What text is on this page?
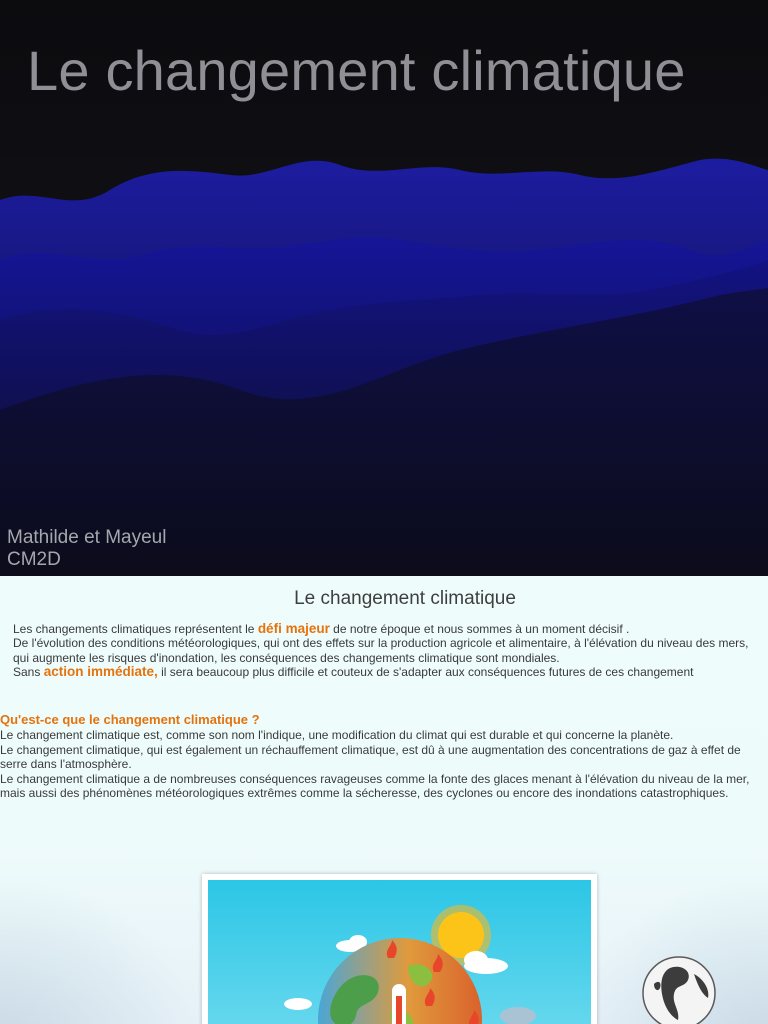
Le changement climatique
Mathilde et Mayeul
CM2D
Le changement climatique

Les changements climatiques représentent le défi majeur de notre époque et nous sommes à un moment décisif .

De l'évolution des conditions météorologiques, qui ont des effets sur la production agricole et alimentaire, à l'élévation du niveau des mers, qui augmente les risques d'inondation, les conséquences des changements climatique sont mondiales.

Sans action immédiate, il sera beaucoup plus difficile et couteux de s'adapter aux conséquences futures de ces changement

Qu'est-ce que le changement climatique ?

Le changement climatique est, comme son nom l'indique, une modification du climat qui est durable et qui concerne la planète.

Le changement climatique, qui est également un réchauffement climatique, est dû à une augmentation des concentrations de gaz à effet de serre dans l'atmosphère.

Le changement climatique a de nombreuses conséquences ravageuses comme la fonte des glaces menant à l'élévation du niveau de la mer, mais aussi des phénomènes météorologiques extrêmes comme la sécheresse, des cyclones ou encore des inondations catastrophiques.
